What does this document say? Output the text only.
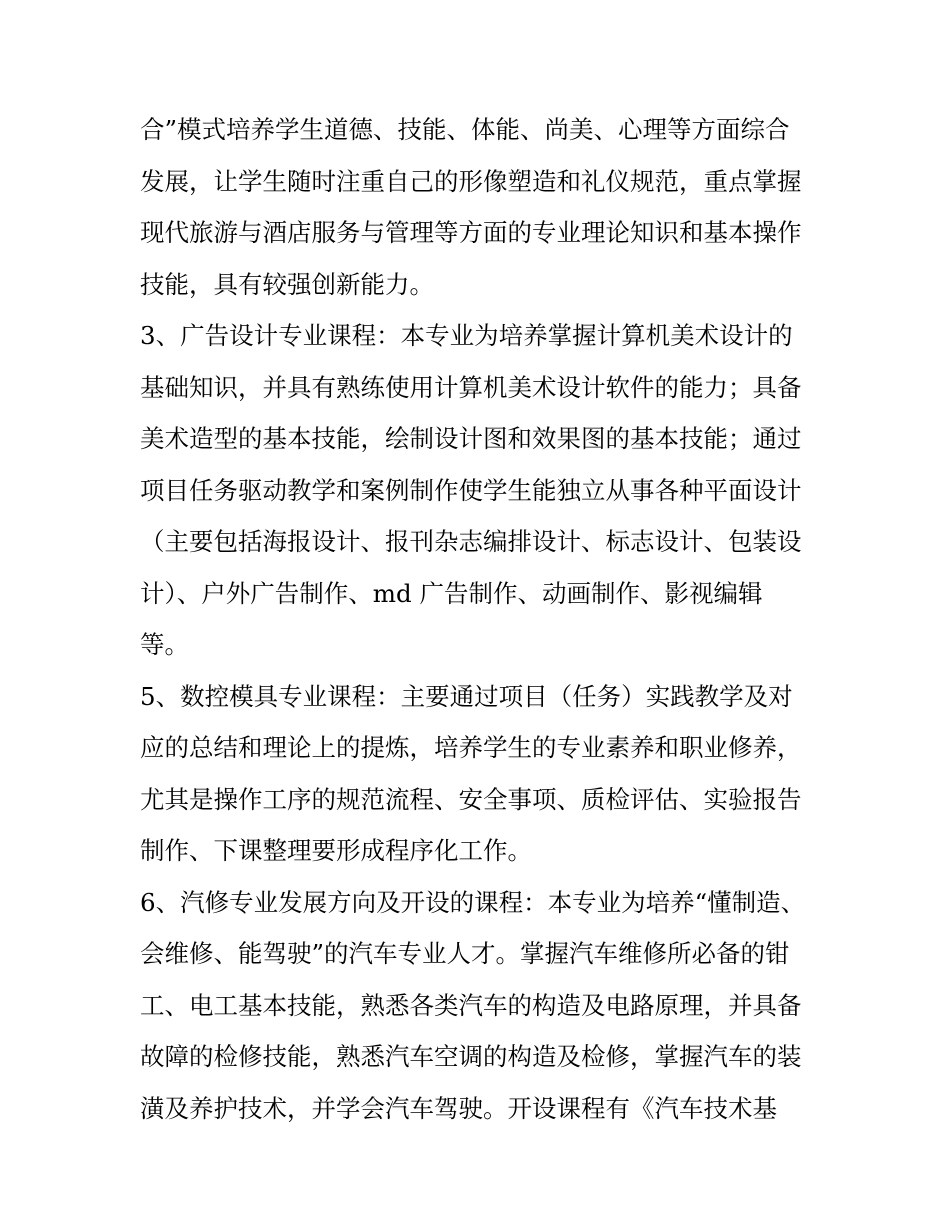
合”模式培养学生道德、技能、体能、尚美、心理等方面综合
发展，让学生随时注重自己的形像塑造和礼仪规范，重点掌握
现代旅游与酒店服务与管理等方面的专业理论知识和基本操作
技能，具有较强创新能力。
3、广告设计专业课程：本专业为培养掌握计算机美术设计的
基础知识，并具有熟练使用计算机美术设计软件的能力；具备
美术造型的基本技能，绘制设计图和效果图的基本技能；通过
项目任务驱动教学和案例制作使学生能独立从事各种平面设计
（主要包括海报设计、报刊杂志编排设计、标志设计、包装设
计）、户外广告制作、md 广告制作、动画制作、影视编辑
等。
5、数控模具专业课程：主要通过项目（任务）实践教学及对
应的总结和理论上的提炼，培养学生的专业素养和职业修养，
尤其是操作工序的规范流程、安全事项、质检评估、实验报告
制作、下课整理要形成程序化工作。
6、汽修专业发展方向及开设的课程：本专业为培养“懂制造、
会维修、能驾驶”的汽车专业人才。掌握汽车维修所必备的钳
工、电工基本技能，熟悉各类汽车的构造及电路原理，并具备
故障的检修技能，熟悉汽车空调的构造及检修，掌握汽车的装
潢及养护技术，并学会汽车驾驶。开设课程有《汽车技术基
